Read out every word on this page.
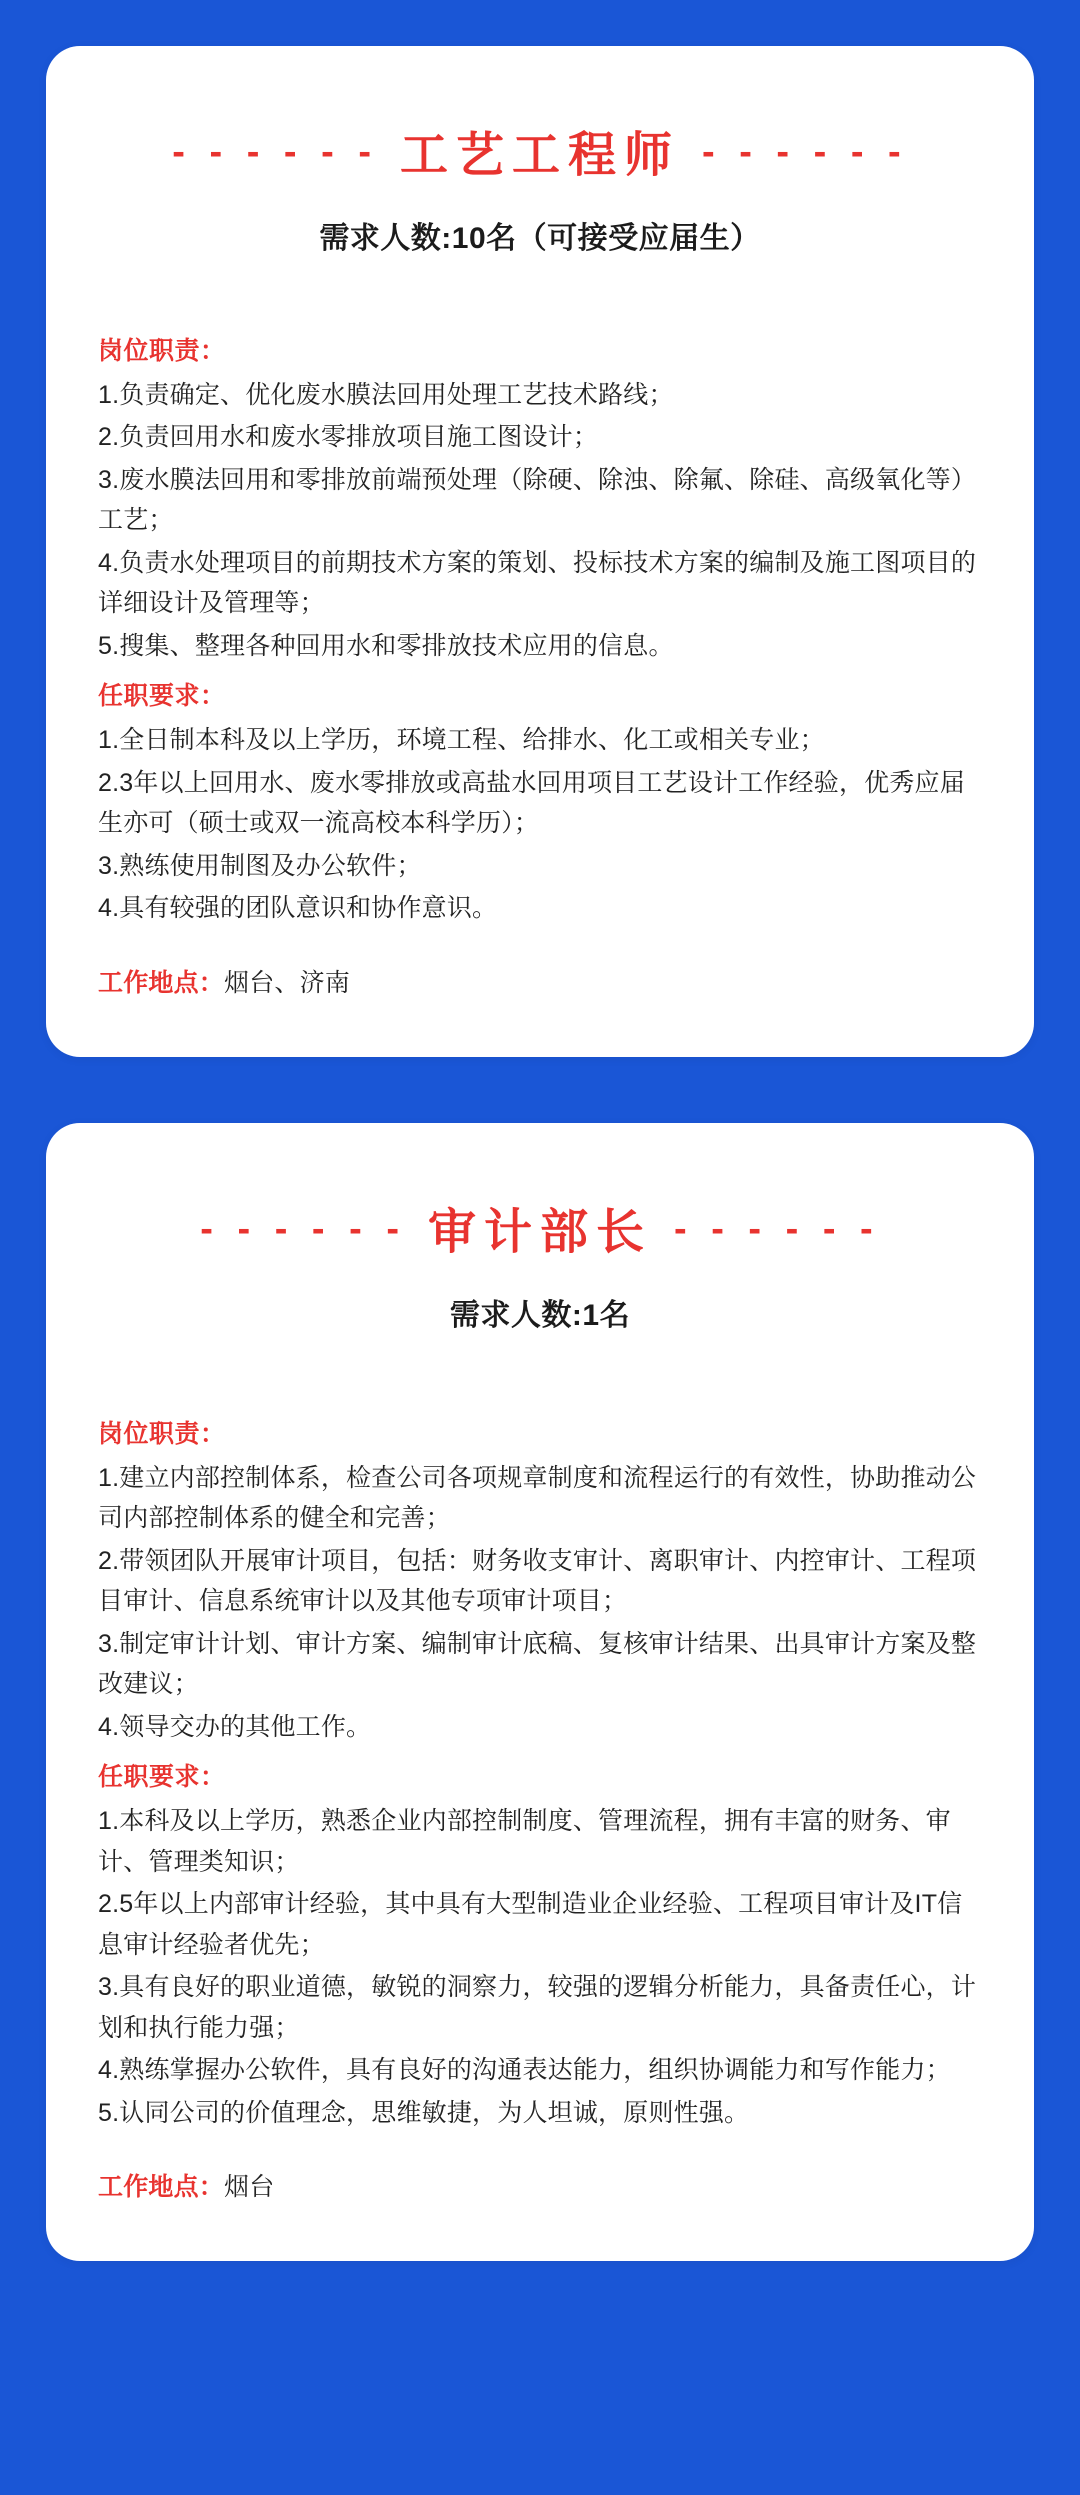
- - - - - - 工艺工程师 - - - - - -
需求人数:10名（可接受应届生）
岗位职责：

1.负责确定、优化废水膜法回用处理工艺技术路线；

2.负责回用水和废水零排放项目施工图设计；

3.废水膜法回用和零排放前端预处理（除硬、除浊、除氟、除硅、高级氧化等）工艺；

4.负责水处理项目的前期技术方案的策划、投标技术方案的编制及施工图项目的详细设计及管理等；

5.搜集、整理各种回用水和零排放技术应用的信息。

任职要求：

1.全日制本科及以上学历，环境工程、给排水、化工或相关专业；

2.3年以上回用水、废水零排放或高盐水回用项目工艺设计工作经验，优秀应届生亦可（硕士或双一流高校本科学历）；

3.熟练使用制图及办公软件；

4.具有较强的团队意识和协作意识。

工作地点：烟台、济南
- - - - - - 审计部长 - - - - - -
需求人数:1名
岗位职责：

1.建立内部控制体系，检查公司各项规章制度和流程运行的有效性，协助推动公司内部控制体系的健全和完善；

2.带领团队开展审计项目，包括：财务收支审计、离职审计、内控审计、工程项目审计、信息系统审计以及其他专项审计项目；

3.制定审计计划、审计方案、编制审计底稿、复核审计结果、出具审计方案及整改建议；

4.领导交办的其他工作。

任职要求：

1.本科及以上学历，熟悉企业内部控制制度、管理流程，拥有丰富的财务、审计、管理类知识；

2.5年以上内部审计经验，其中具有大型制造业企业经验、工程项目审计及IT信息审计经验者优先；

3.具有良好的职业道德，敏锐的洞察力，较强的逻辑分析能力，具备责任心，计划和执行能力强；

4.熟练掌握办公软件，具有良好的沟通表达能力，组织协调能力和写作能力；

5.认同公司的价值理念，思维敏捷，为人坦诚，原则性强。

工作地点：烟台
